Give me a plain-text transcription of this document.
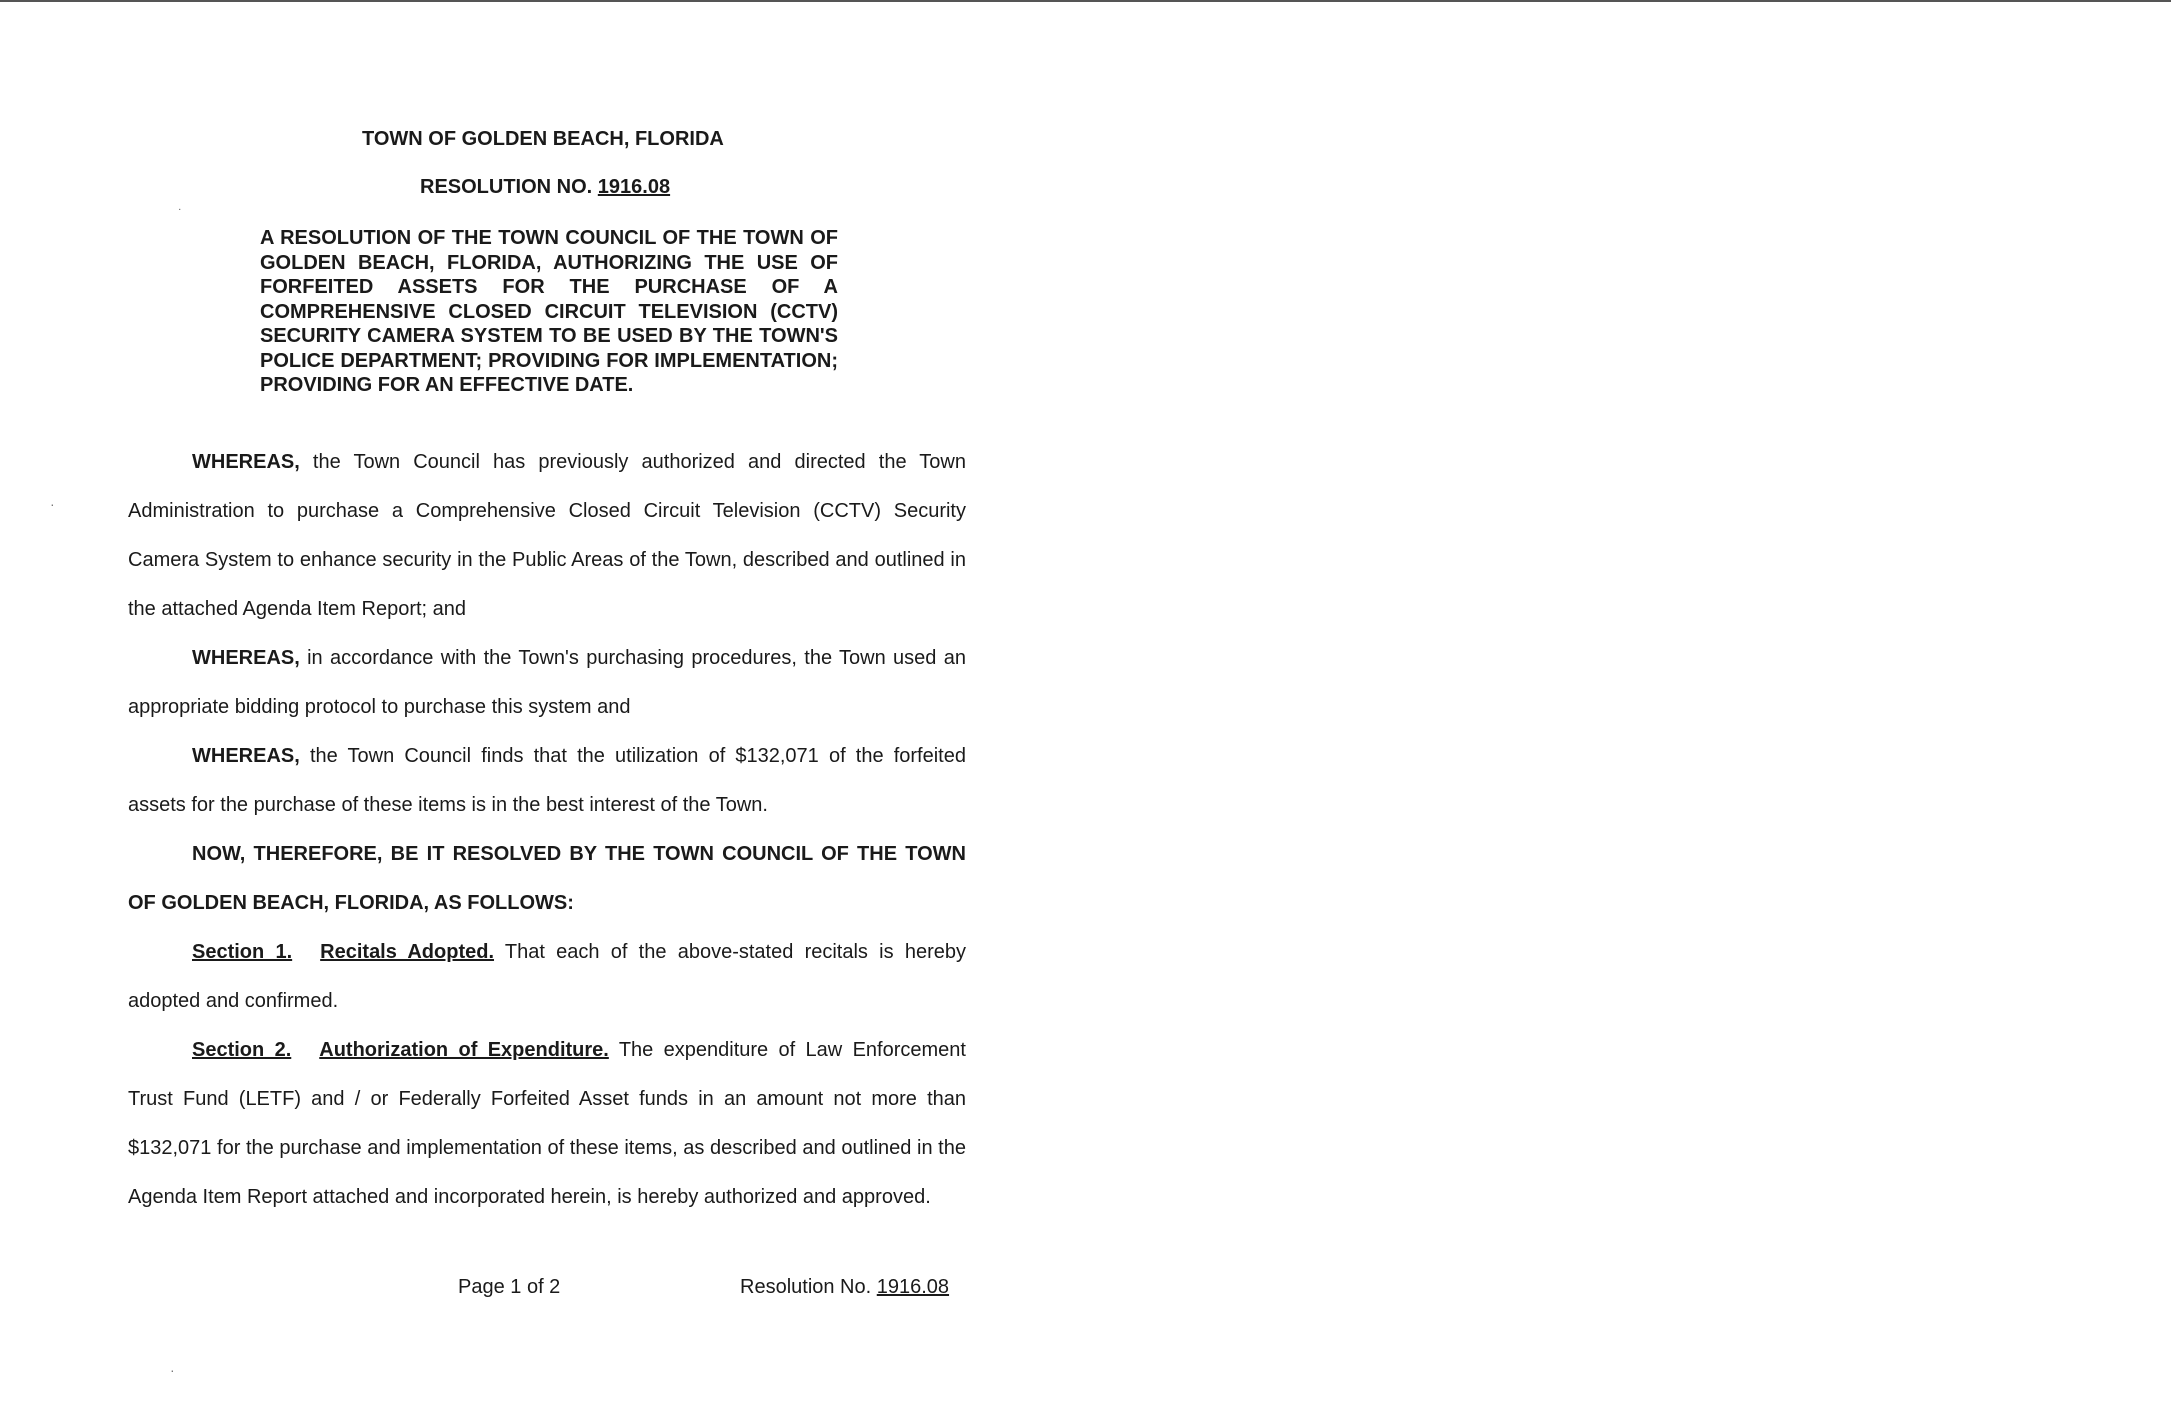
TOWN OF GOLDEN BEACH, FLORIDA
RESOLUTION NO. 1916.08
A RESOLUTION OF THE TOWN COUNCIL OF THE TOWN OF GOLDEN BEACH, FLORIDA, AUTHORIZING THE USE OF FORFEITED ASSETS FOR THE PURCHASE OF A COMPREHENSIVE CLOSED CIRCUIT TELEVISION (CCTV) SECURITY CAMERA SYSTEM TO BE USED BY THE TOWN'S POLICE DEPARTMENT; PROVIDING FOR IMPLEMENTATION; PROVIDING FOR AN EFFECTIVE DATE.

WHEREAS, the Town Council has previously authorized and directed the Town Administration to purchase a Comprehensive Closed Circuit Television (CCTV) Security Camera System to enhance security in the Public Areas of the Town, described and outlined in the attached Agenda Item Report; and

WHEREAS, in accordance with the Town's purchasing procedures, the Town used an appropriate bidding protocol to purchase this system and

WHEREAS, the Town Council finds that the utilization of $132,071 of the forfeited assets for the purchase of these items is in the best interest of the Town.

NOW, THEREFORE, BE IT RESOLVED BY THE TOWN COUNCIL OF THE TOWN OF GOLDEN BEACH, FLORIDA, AS FOLLOWS:

Section 1. Recitals Adopted. That each of the above-stated recitals is hereby adopted and confirmed.

Section 2. Authorization of Expenditure. The expenditure of Law Enforcement Trust Fund (LETF) and / or Federally Forfeited Asset funds in an amount not more than $132,071 for the purchase and implementation of these items, as described and outlined in the Agenda Item Report attached and incorporated herein, is hereby authorized and approved.

Page 1 of 2	Resolution No. 1916.08
˙
·
·
